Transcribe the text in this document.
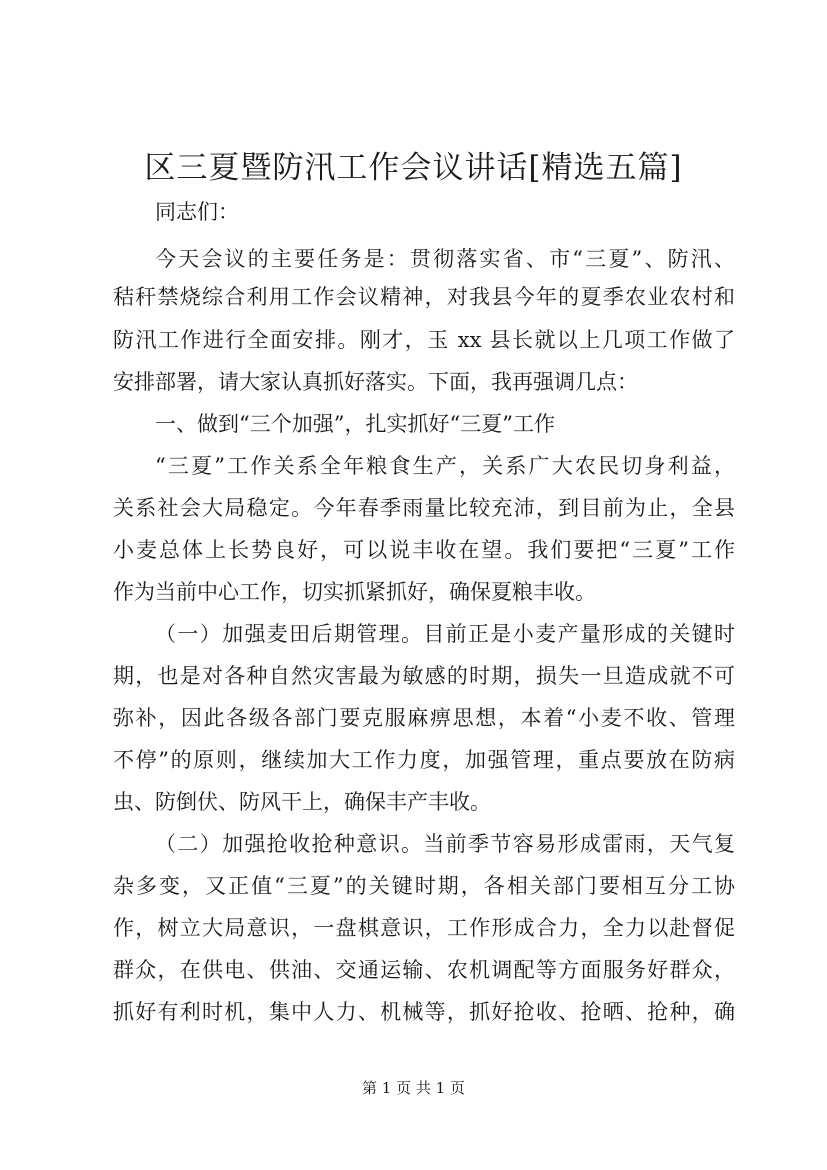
区三夏暨防汛工作会议讲话[精选五篇]
同志们：
今天会议的主要任务是：贯彻落实省、市“三夏”、防汛、
秸秆禁烧综合利用工作会议精神，对我县今年的夏季农业农村和
防汛工作进行全面安排。刚才，玉 xx 县长就以上几项工作做了
安排部署，请大家认真抓好落实。下面，我再强调几点：
一、做到“三个加强”，扎实抓好“三夏”工作
“三夏”工作关系全年粮食生产，关系广大农民切身利益，
关系社会大局稳定。今年春季雨量比较充沛，到目前为止，全县
小麦总体上长势良好，可以说丰收在望。我们要把“三夏”工作
作为当前中心工作，切实抓紧抓好，确保夏粮丰收。
（一）加强麦田后期管理。目前正是小麦产量形成的关键时
期，也是对各种自然灾害最为敏感的时期，损失一旦造成就不可
弥补，因此各级各部门要克服麻痹思想，本着“小麦不收、管理
不停”的原则，继续加大工作力度，加强管理，重点要放在防病
虫、防倒伏、防风干上，确保丰产丰收。
（二）加强抢收抢种意识。当前季节容易形成雷雨，天气复
杂多变，又正值“三夏”的关键时期，各相关部门要相互分工协
作，树立大局意识，一盘棋意识，工作形成合力，全力以赴督促
群众，在供电、供油、交通运输、农机调配等方面服务好群众，
抓好有利时机，集中人力、机械等，抓好抢收、抢晒、抢种，确
第 1 页 共 1 页
